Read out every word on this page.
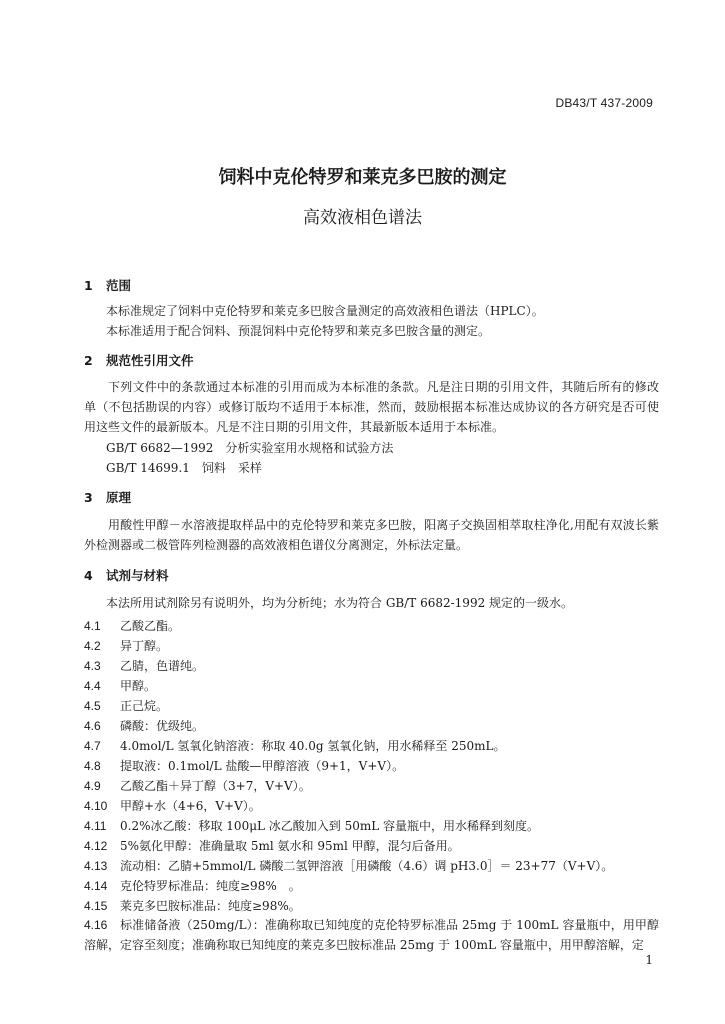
DB43/T 437-2009
饲料中克伦特罗和莱克多巴胺的测定
高效液相色谱法
1 范围
本标准规定了饲料中克伦特罗和莱克多巴胺含量测定的高效液相色谱法（HPLC）。
本标准适用于配合饲料、预混饲料中克伦特罗和莱克多巴胺含量的测定。
2 规范性引用文件
下列文件中的条款通过本标准的引用而成为本标准的条款。凡是注日期的引用文件，其随后所有的修改单（不包括勘误的内容）或修订版均不适用于本标准，然而，鼓励根据本标准达成协议的各方研究是否可使用这些文件的最新版本。凡是不注日期的引用文件，其最新版本适用于本标准。
GB/T 6682—1992　分析实验室用水规格和试验方法
GB/T 14699.1　饲料　采样
3 原理
用酸性甲醇－水溶液提取样品中的克伦特罗和莱克多巴胺，阳离子交换固相萃取柱净化,用配有双波长紫外检测器或二极管阵列检测器的高效液相色谱仪分离测定，外标法定量。
4 试剂与材料
本法所用试剂除另有说明外，均为分析纯；水为符合 GB/T 6682-1992 规定的一级水。
4.1 乙酸乙酯。
4.2 异丁醇。
4.3 乙腈，色谱纯。
4.4 甲醇。
4.5 正己烷。
4.6 磷酸：优级纯。
4.7 4.0mol/L 氢氧化钠溶液：称取 40.0g 氢氧化钠，用水稀释至 250mL。
4.8 提取液：0.1mol/L 盐酸—甲醇溶液（9+1，V+V）。
4.9 乙酸乙酯＋异丁醇（3+7，V+V）。
4.10 甲醇+水（4+6，V+V）。
4.11 0.2%冰乙酸：移取 100μL 冰乙酸加入到 50mL 容量瓶中，用水稀释到刻度。
4.12 5%氨化甲醇：准确量取 5ml 氨水和 95ml 甲醇，混匀后备用。
4.13 流动相：乙腈+5mmol/L 磷酸二氢钾溶液［用磷酸（4.6）调 pH3.0］＝ 23+77（V+V）。
4.14 克伦特罗标准品：纯度≥98%　。
4.15 莱克多巴胺标准品：纯度≥98%。
4.16 标准储备液（250mg/L）：准确称取已知纯度的克伦特罗标准品 25mg 于 100mL 容量瓶中，用甲醇溶解，定容至刻度；准确称取已知纯度的莱克多巴胺标准品 25mg 于 100mL 容量瓶中，用甲醇溶解，定
1
